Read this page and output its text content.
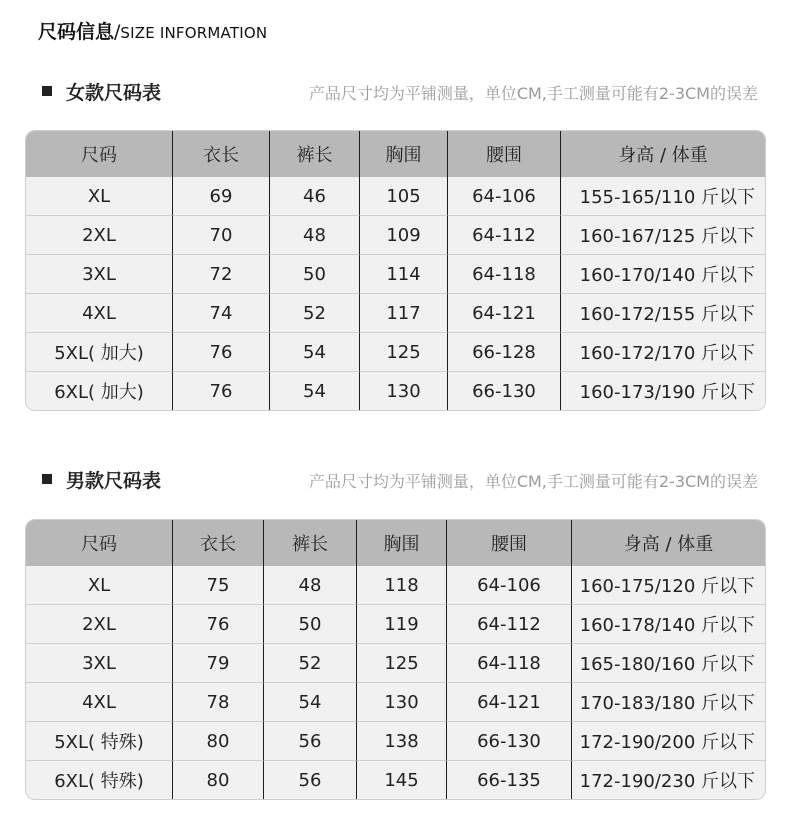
尺码信息/SIZE INFORMATION
女款尺码表	产品尺寸均为平铺测量，单位CM,手工测量可能有2-3CM的误差
尺码	衣长	裤长	胸围	腰围	身高 / 体重
XL	69	46	105	64-106	155-165/110 斤以下
2XL	70	48	109	64-112	160-167/125 斤以下
3XL	72	50	114	64-118	160-170/140 斤以下
4XL	74	52	117	64-121	160-172/155 斤以下
5XL( 加大)	76	54	125	66-128	160-172/170 斤以下
6XL( 加大)	76	54	130	66-130	160-173/190 斤以下
男款尺码表	产品尺寸均为平铺测量，单位CM,手工测量可能有2-3CM的误差
尺码	衣长	裤长	胸围	腰围	身高 / 体重
XL	75	48	118	64-106	160-175/120 斤以下
2XL	76	50	119	64-112	160-178/140 斤以下
3XL	79	52	125	64-118	165-180/160 斤以下
4XL	78	54	130	64-121	170-183/180 斤以下
5XL( 特殊)	80	56	138	66-130	172-190/200 斤以下
6XL( 特殊)	80	56	145	66-135	172-190/230 斤以下
